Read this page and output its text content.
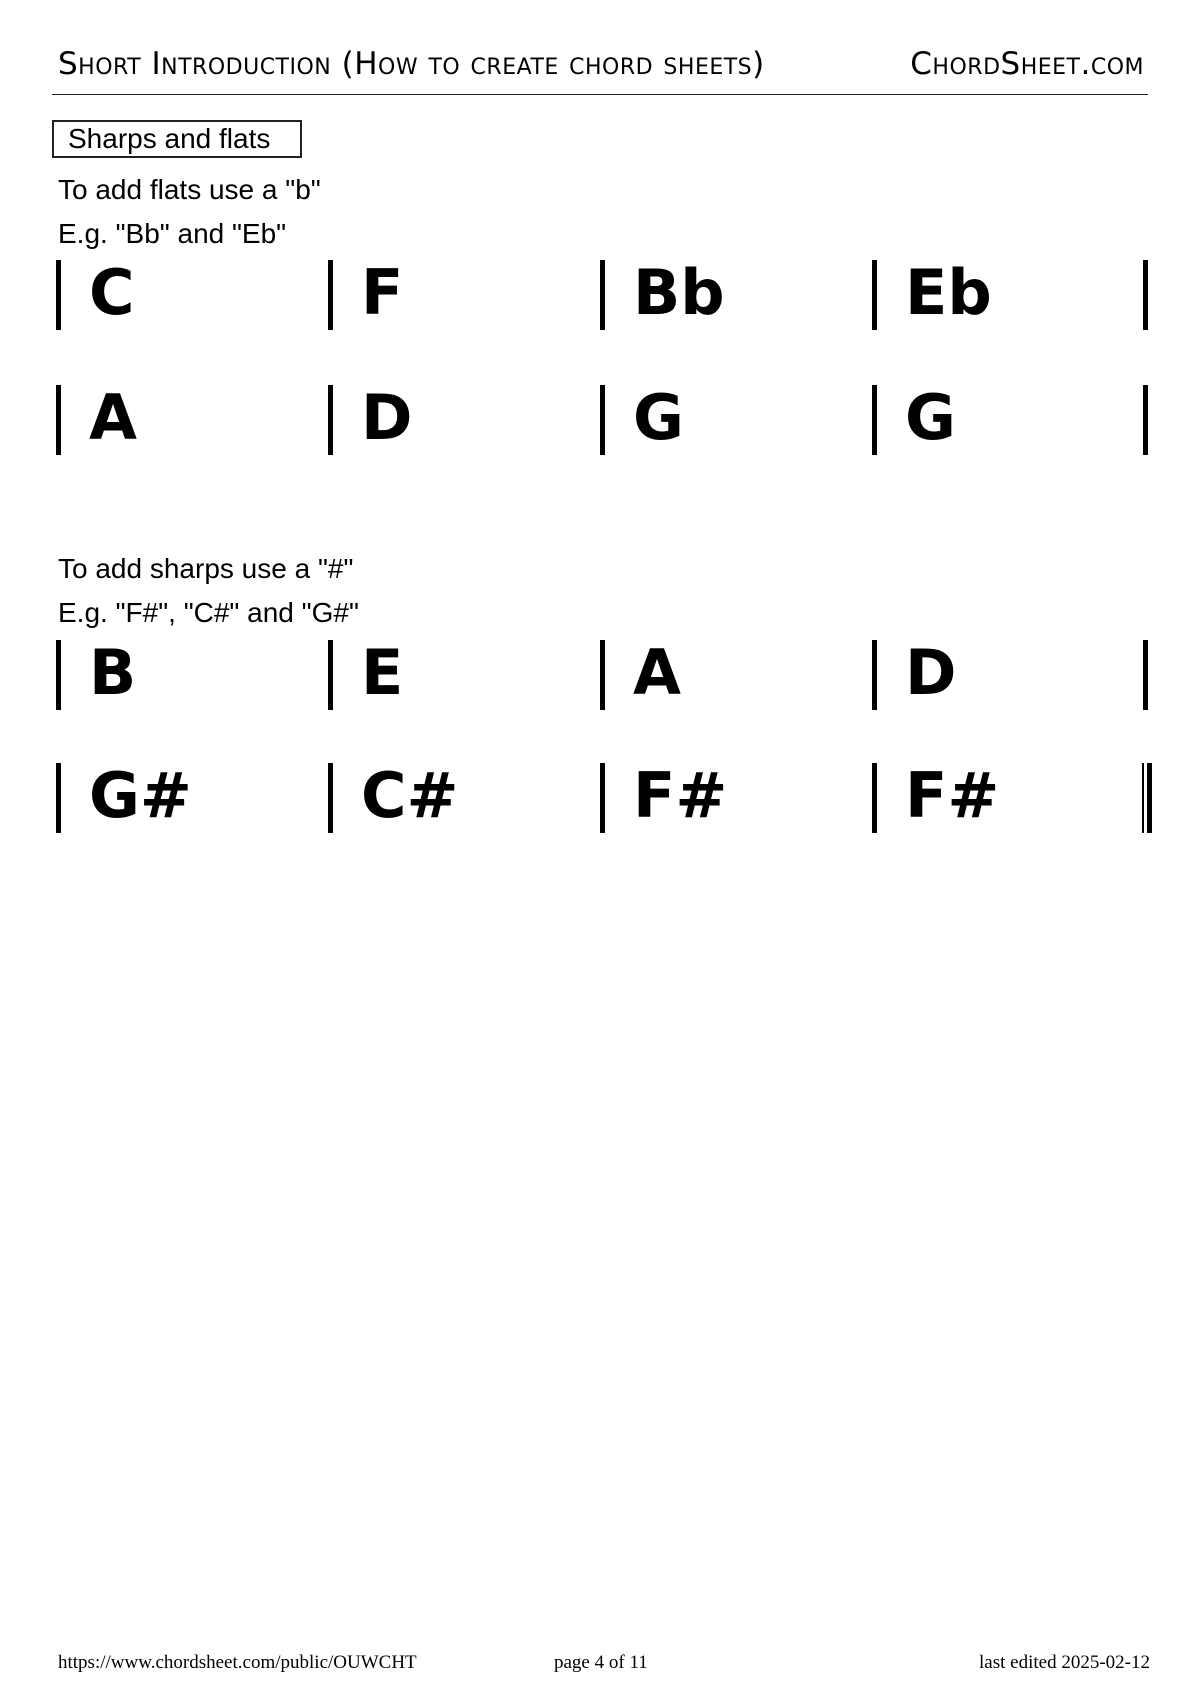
Short Introduction (How to create chord sheets)	ChordSheet.com
Sharps and flats
To add flats use a "b"
E.g. "Bb" and "Eb"
C	F	Bb	Eb
A	D	G	G
To add sharps use a "#"
E.g. "F#", "C#" and "G#"
B	E	A	D
G#	C#	F#	F#
https://www.chordsheet.com/public/OUWCHT	page 4 of 11	last edited 2025-02-12
